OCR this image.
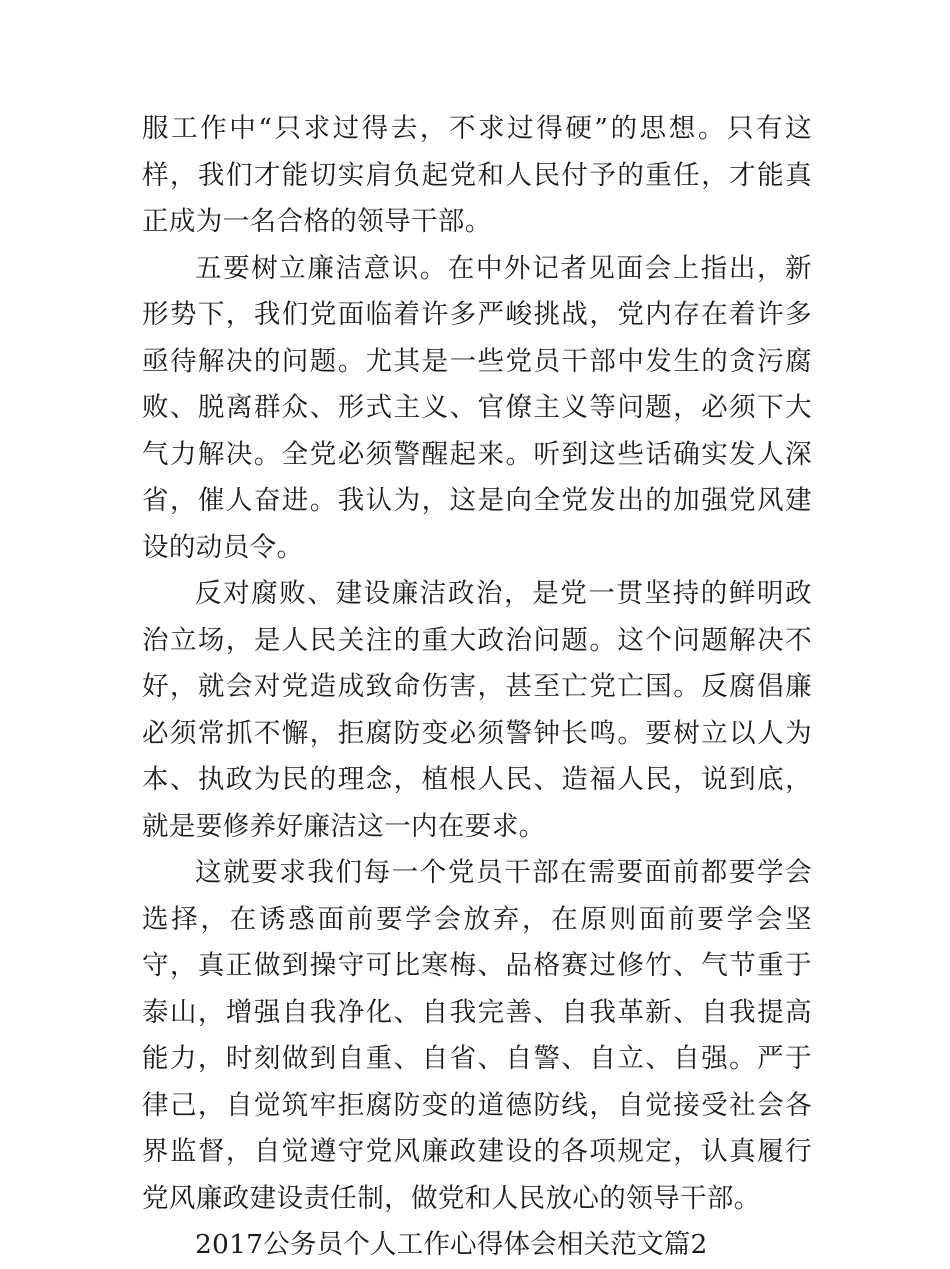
服工作中“只求过得去，不求过得硬”的思想。只有这样，我们才能切实肩负起党和人民付予的重任，才能真正成为一名合格的领导干部。

五要树立廉洁意识。在中外记者见面会上指出，新形势下，我们党面临着许多严峻挑战，党内存在着许多亟待解决的问题。尤其是一些党员干部中发生的贪污腐败、脱离群众、形式主义、官僚主义等问题，必须下大气力解决。全党必须警醒起来。听到这些话确实发人深省，催人奋进。我认为，这是向全党发出的加强党风建设的动员令。

反对腐败、建设廉洁政治，是党一贯坚持的鲜明政治立场，是人民关注的重大政治问题。这个问题解决不好，就会对党造成致命伤害，甚至亡党亡国。反腐倡廉必须常抓不懈，拒腐防变必须警钟长鸣。要树立以人为本、执政为民的理念，植根人民、造福人民，说到底，就是要修养好廉洁这一内在要求。

这就要求我们每一个党员干部在需要面前都要学会选择，在诱惑面前要学会放弃，在原则面前要学会坚守，真正做到操守可比寒梅、品格赛过修竹、气节重于泰山，增强自我净化、自我完善、自我革新、自我提高能力，时刻做到自重、自省、自警、自立、自强。严于律己，自觉筑牢拒腐防变的道德防线，自觉接受社会各界监督，自觉遵守党风廉政建设的各项规定，认真履行党风廉政建设责任制，做党和人民放心的领导干部。

2017公务员个人工作心得体会相关范文篇2
